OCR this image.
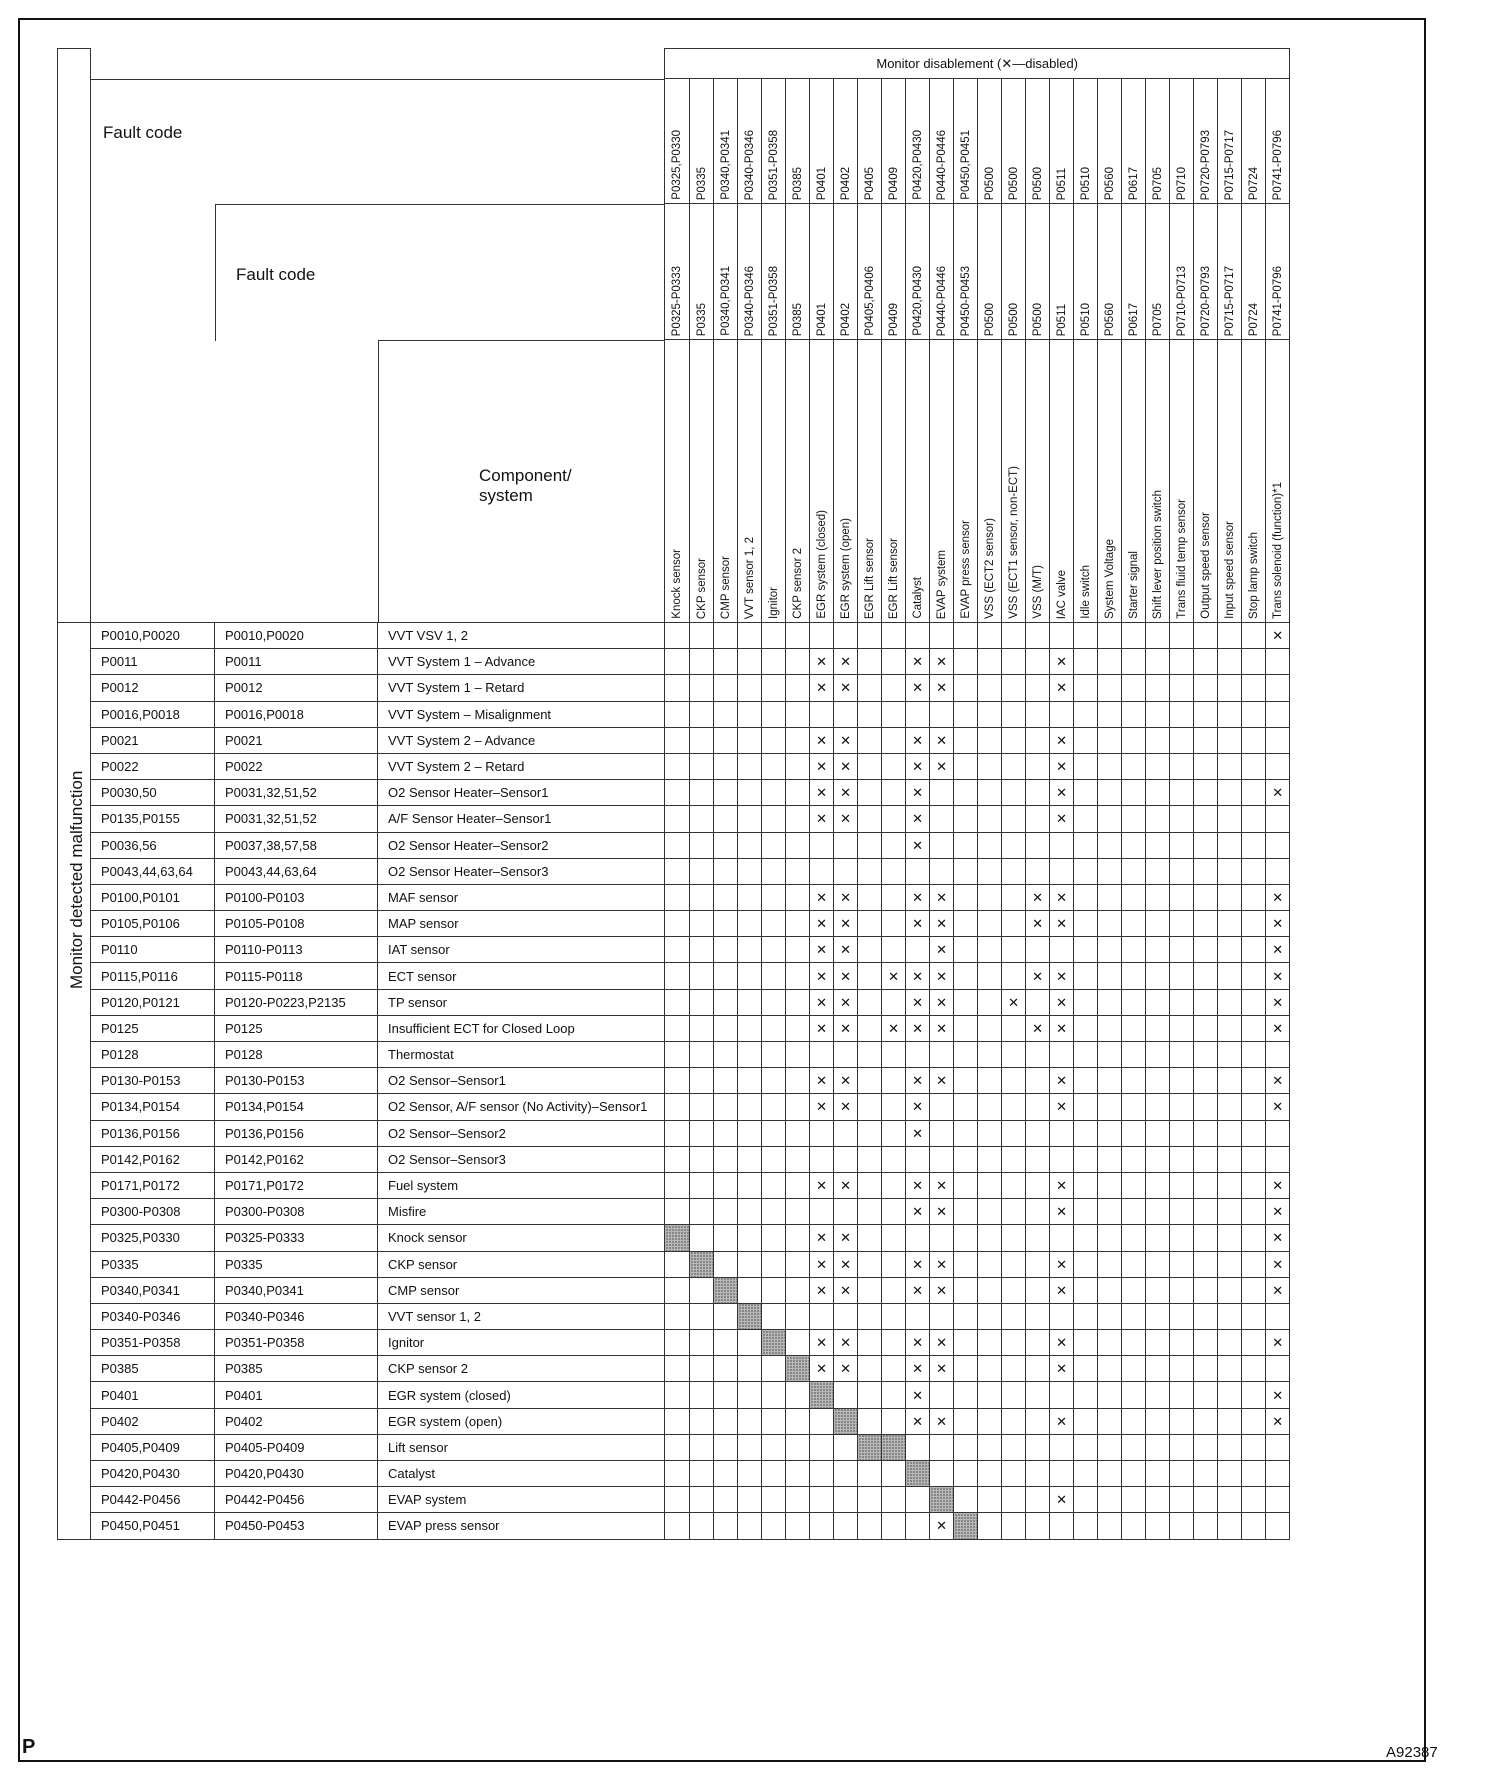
P	A92387

	Fault code
Fault code
Component/
system			Monitor disablement (✕—disabled)																									

				P0325,P0330	P0335	P0340,P0341	P0340-P0346	P0351-P0358	P0385	P0401	P0402	P0405	P0409	P0420,P0430	P0440-P0446	P0450,P0451	P0500	P0500	P0500	P0511	P0510	P0560	P0617	P0705	P0710	P0720-P0793	P0715-P0717	P0724	P0741-P0796

				P0325-P0333	P0335	P0340,P0341	P0340-P0346	P0351-P0358	P0385	P0401	P0402	P0405,P0406	P0409	P0420,P0430	P0440-P0446	P0450-P0453	P0500	P0500	P0500	P0511	P0510	P0560	P0617	P0705	P0710-P0713	P0720-P0793	P0715-P0717	P0724	P0741-P0796

				Knock sensor	CKP sensor	CMP sensor	VVT sensor 1, 2	Ignitor	CKP sensor 2	EGR system (closed)	EGR system (open)	EGR Lift sensor	EGR Lift sensor	Catalyst	EVAP system	EVAP press sensor	VSS (ECT2 sensor)	VSS (ECT1 sensor, non-ECT)	VSS (M/T)	IAC valve	Idle switch	System Voltage	Starter signal	Shift lever position switch	Trans fluid temp sensor	Output speed sensor	Input speed sensor	Stop lamp switch	Trans solenoid (function)*1

	P0010,P0020	P0010,P0020	VVT VSV 1, 2																										✕
	P0011	P0011	VVT System 1 – Advance							✕	✕			✕	✕					✕									
	P0012	P0012	VVT System 1 – Retard							✕	✕			✕	✕					✕									
	P0016,P0018	P0016,P0018	VVT System – Misalignment																										
	P0021	P0021	VVT System 2 – Advance							✕	✕			✕	✕					✕									
	P0022	P0022	VVT System 2 – Retard							✕	✕			✕	✕					✕									
	P0030,50	P0031,32,51,52	O2 Sensor Heater–Sensor1							✕	✕			✕						✕									✕
	P0135,P0155	P0031,32,51,52	A/F Sensor Heater–Sensor1							✕	✕			✕						✕									
	P0036,56	P0037,38,57,58	O2 Sensor Heater–Sensor2											✕															
	P0043,44,63,64	P0043,44,63,64	O2 Sensor Heater–Sensor3																										
	P0100,P0101	P0100-P0103	MAF sensor							✕	✕			✕	✕				✕	✕									✕
	P0105,P0106	P0105-P0108	MAP sensor							✕	✕			✕	✕				✕	✕									✕
	P0110	P0110-P0113	IAT sensor							✕	✕				✕														✕
	P0115,P0116	P0115-P0118	ECT sensor							✕	✕		✕	✕	✕				✕	✕									✕
	P0120,P0121	P0120-P0223,P2135	TP sensor							✕	✕			✕	✕			✕		✕									✕
	P0125	P0125	Insufficient ECT for Closed Loop							✕	✕		✕	✕	✕				✕	✕									✕
	P0128	P0128	Thermostat																										
	P0130-P0153	P0130-P0153	O2 Sensor–Sensor1							✕	✕			✕	✕					✕									✕
	P0134,P0154	P0134,P0154	O2 Sensor, A/F sensor (No Activity)–Sensor1							✕	✕			✕						✕									✕
	P0136,P0156	P0136,P0156	O2 Sensor–Sensor2											✕															
	P0142,P0162	P0142,P0162	O2 Sensor–Sensor3																										
	P0171,P0172	P0171,P0172	Fuel system							✕	✕			✕	✕					✕									✕
	P0300-P0308	P0300-P0308	Misfire											✕	✕					✕									✕
	P0325,P0330	P0325-P0333	Knock sensor							✕	✕																		✕
	P0335	P0335	CKP sensor							✕	✕			✕	✕					✕									✕
	P0340,P0341	P0340,P0341	CMP sensor							✕	✕			✕	✕					✕									✕
	P0340-P0346	P0340-P0346	VVT sensor 1, 2																										
	P0351-P0358	P0351-P0358	Ignitor							✕	✕			✕	✕					✕									✕
	P0385	P0385	CKP sensor 2							✕	✕			✕	✕					✕									
	P0401	P0401	EGR system (closed)											✕															✕
	P0402	P0402	EGR system (open)											✕	✕					✕									✕
	P0405,P0409	P0405-P0409	Lift sensor																										
	P0420,P0430	P0420,P0430	Catalyst																										
	P0442-P0456	P0442-P0456	EVAP system																	✕									
	P0450,P0451	P0450-P0453	EVAP press sensor												✕														
Monitor detected malfunction
